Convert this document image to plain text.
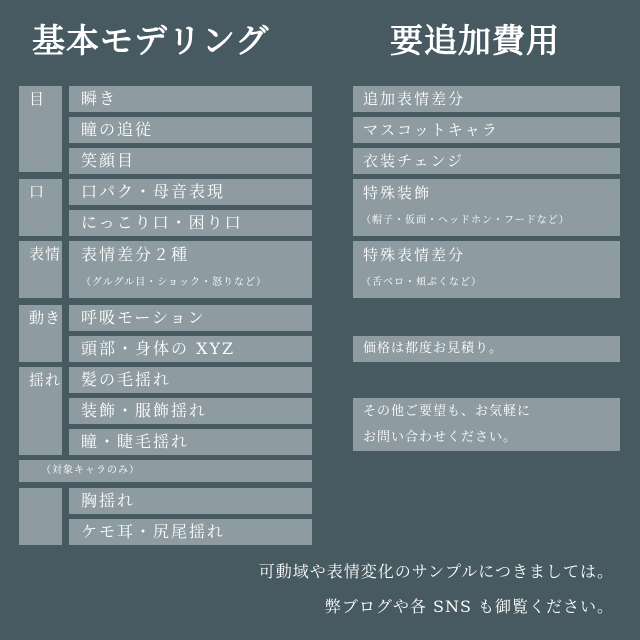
基本モデリング	要追加費用
目	瞬き
瞳の追従
笑顔目
口	口パク・母音表現
にっこり口・困り口
表情	表情差分２種
（グルグル目・ショック・怒りなど）
動き	呼吸モーション
頭部・身体の XYZ
揺れ	髪の毛揺れ
装飾・服飾揺れ
瞳・睫毛揺れ
（対象キャラのみ）
胸揺れ
ケモ耳・尻尾揺れ
追加表情差分
マスコットキャラ
衣装チェンジ
特殊装飾
（帽子・仮面・ヘッドホン・フードなど）
特殊表情差分
（舌ベロ・頬ぷくなど）
価格は都度お見積り。
その他ご要望も、お気軽に
お問い合わせください。
可動域や表情変化のサンプルにつきましては。
弊ブログや各 SNS も御覧ください。
